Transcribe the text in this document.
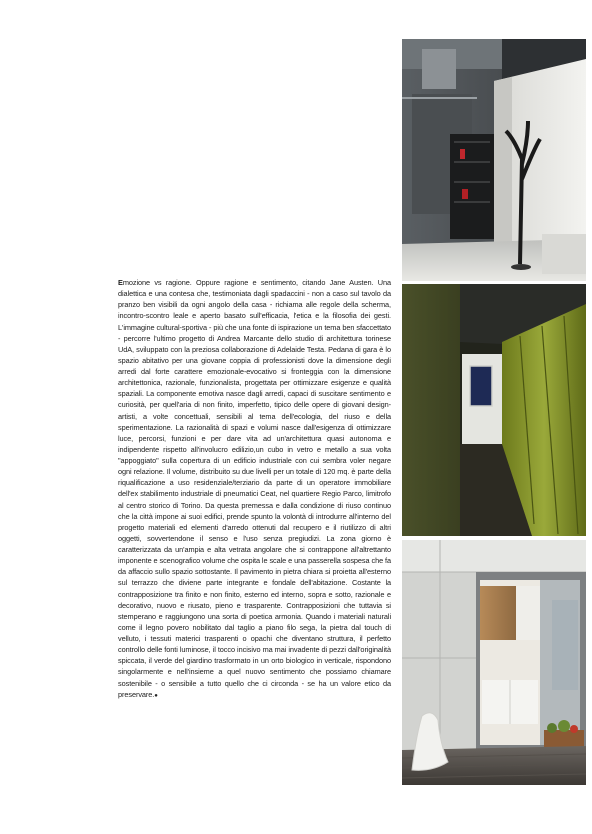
Emozione vs ragione. Oppure ragione e sentimento, citando Jane Austen. Una dialettica e una contesa che, testimoniata dagli spadaccini - non a caso sul tavolo da pranzo ben visibili da ogni angolo della casa - richiama alle regole della scherma, incontro-scontro leale e aperto basato sull'efficacia, l'etica e la filosofia dei gesti. L'immagine cultural-sportiva - più che una fonte di ispirazione un tema ben sfaccettato - percorre l'ultimo progetto di Andrea Marcante dello studio di architettura torinese UdA, sviluppato con la preziosa collaborazione di Adelaide Testa. Pedana di gara è lo spazio abitativo per una giovane coppia di professionisti dove la dimensione degli arredi dal forte carattere emozionale-evocativo si fronteggia con la dimensione architettonica, razionale, funzionalista, progettata per ottimizzare esigenze e qualità spaziali. La componente emotiva nasce dagli arredi, capaci di suscitare sentimento e curiosità, per quell'aria di non finito, imperfetto, tipico delle opere di giovani design-artisti, a volte concettuali, sensibili al tema dell'ecologia, del riuso e della sperimentazione. La razionalità di spazi e volumi nasce dall'esigenza di ottimizzare luce, percorsi, funzioni e per dare vita ad un'architettura quasi autonoma e indipendente rispetto all'involucro edilizio,un cubo in vetro e metallo a sua volta "appoggiato" sulla copertura di un edificio industriale con cui sembra voler negare ogni relazione. Il volume, distribuito su due livelli per un totale di 120 mq. è parte della riqualificazione a uso residenziale/terziario da parte di un operatore immobiliare dell'ex stabilimento industriale di pneumatici Ceat, nel quartiere Regio Parco, limitrofo al centro storico di Torino. Da questa premessa e dalla condizione di riuso continuo che la città impone ai suoi edifici, prende spunto la volontà di introdurre all'interno del progetto materiali ed elementi d'arredo ottenuti dal recupero e il riutilizzo di altri oggetti, sovvertendone il senso e l'uso senza pregiudizi. La zona giorno è caratterizzata da un'ampia e alta vetrata angolare che si contrappone all'altrettanto imponente e scenografico volume che ospita le scale e una passerella sospesa che fa da affaccio sullo spazio sottostante. Il pavimento in pietra chiara si proietta all'esterno sul terrazzo che diviene parte integrante e fondale dell'abitazione. Costante la contrapposizione tra finito e non finito, esterno ed interno, sopra e sotto, razionale e decorativo, nuovo e riusato, pieno e trasparente. Contrapposizioni che tuttavia si stemperano e raggiungono una sorta di poetica armonia. Quando i materiali naturali come il legno povero nobilitato dal taglio a piano filo sega, la pietra dal touch di velluto, i tessuti materici trasparenti o opachi che diventano struttura, il perfetto controllo delle fonti luminose, il tocco incisivo ma mai invadente di pezzi dall'originalità spiccata, il verde del giardino trasformato in un orto biologico in verticale, rispondono singolarmente e nell'insieme a quel nuovo sentimento che possiamo chiamare sostenibile - o sensibile a tutto quello che ci circonda - se ha un valore etico da preservare.●
